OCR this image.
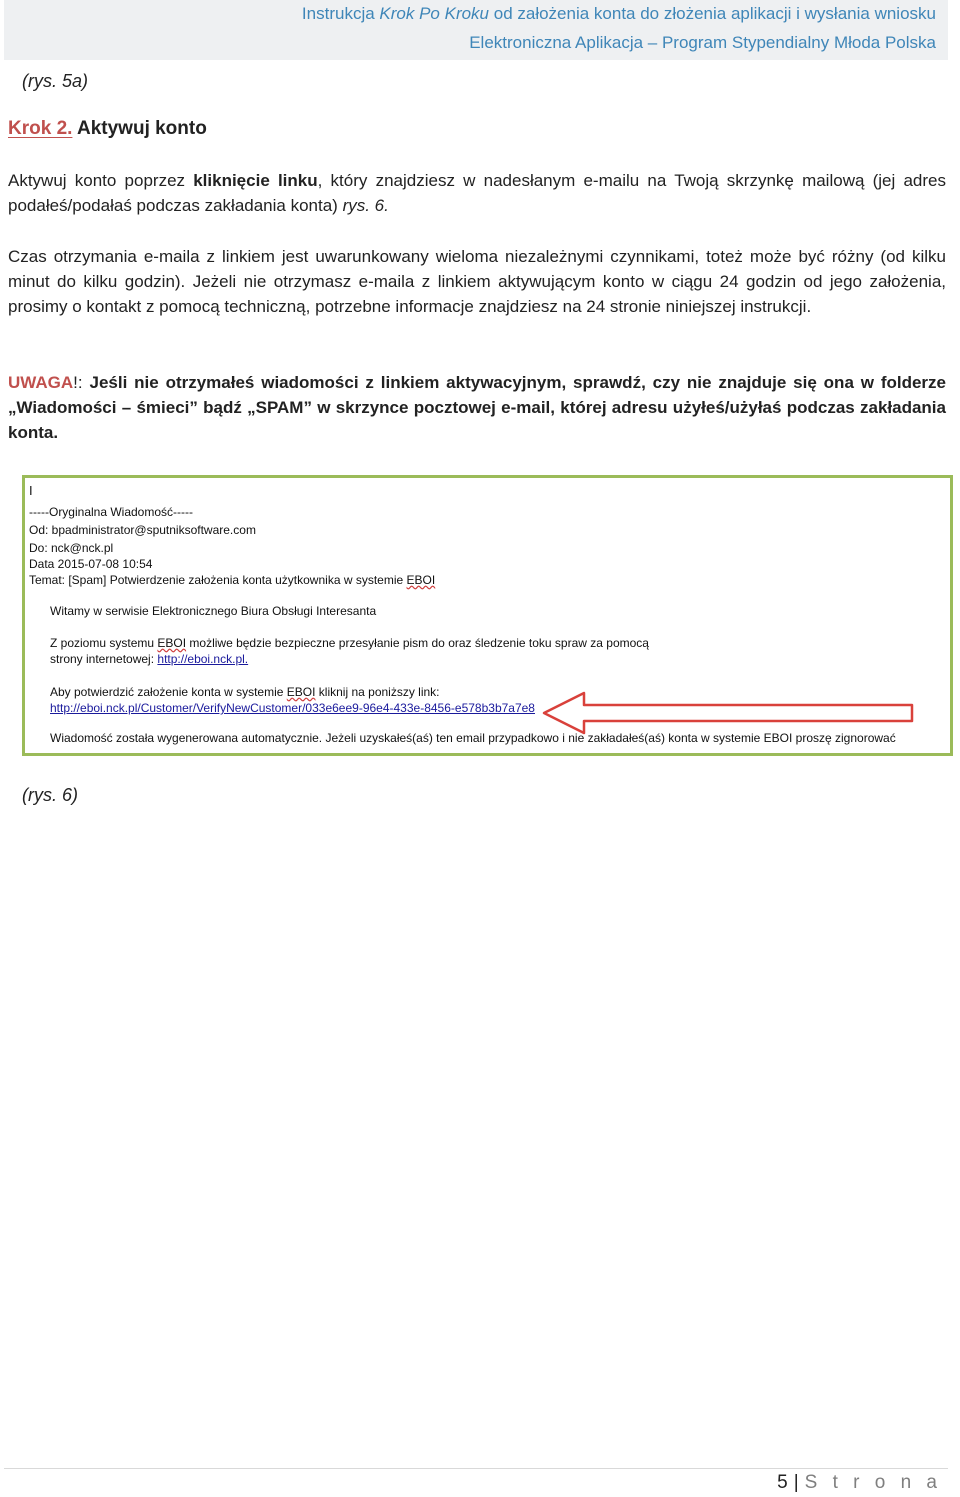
Instrukcja Krok Po Kroku od założenia konta do złożenia aplikacji i wysłania wniosku
Elektroniczna Aplikacja – Program Stypendialny Młoda Polska
(rys. 5a)
Krok 2. Aktywuj konto
Aktywuj konto poprzez kliknięcie linku, który znajdziesz w nadesłanym e-mailu na Twoją skrzynkę mailową (jej adres podałeś/podałaś podczas zakładania konta) rys. 6.
Czas otrzymania e-maila z linkiem jest uwarunkowany wieloma niezależnymi czynnikami, toteż może być różny (od kilku minut do kilku godzin). Jeżeli nie otrzymasz e-maila z linkiem aktywującym konto w ciągu 24 godzin od jego założenia, prosimy o kontakt z pomocą techniczną, potrzebne informacje znajdziesz na 24 stronie niniejszej instrukcji.
UWAGA!: Jeśli nie otrzymałeś wiadomości z linkiem aktywacyjnym, sprawdź, czy nie znajduje się ona w folderze „Wiadomości – śmieci” bądź „SPAM” w skrzynce pocztowej e-mail, której adresu użyłeś/użyłaś podczas zakładania konta.
I
-----Oryginalna Wiadomość-----
Od: bpadministrator@sputniksoftware.com
Do: nck@nck.pl
Data 2015-07-08 10:54
Temat: [Spam] Potwierdzenie założenia konta użytkownika w systemie EBOI
Witamy w serwisie Elektronicznego Biura Obsługi Interesanta
Z poziomu systemu EBOI możliwe będzie bezpieczne przesyłanie pism do oraz śledzenie toku spraw za pomocą
strony internetowej: http://eboi.nck.pl.
Aby potwierdzić założenie konta w systemie EBOI kliknij na poniższy link:
http://eboi.nck.pl/Customer/VerifyNewCustomer/033e6ee9-96e4-433e-8456-e578b3b7a7e8
Wiadomość została wygenerowana automatycznie. Jeżeli uzyskałeś(aś) ten email przypadkowo i nie zakładałeś(aś) konta w systemie EBOI proszę zignorować
(rys. 6)
5 | S t r o n a
